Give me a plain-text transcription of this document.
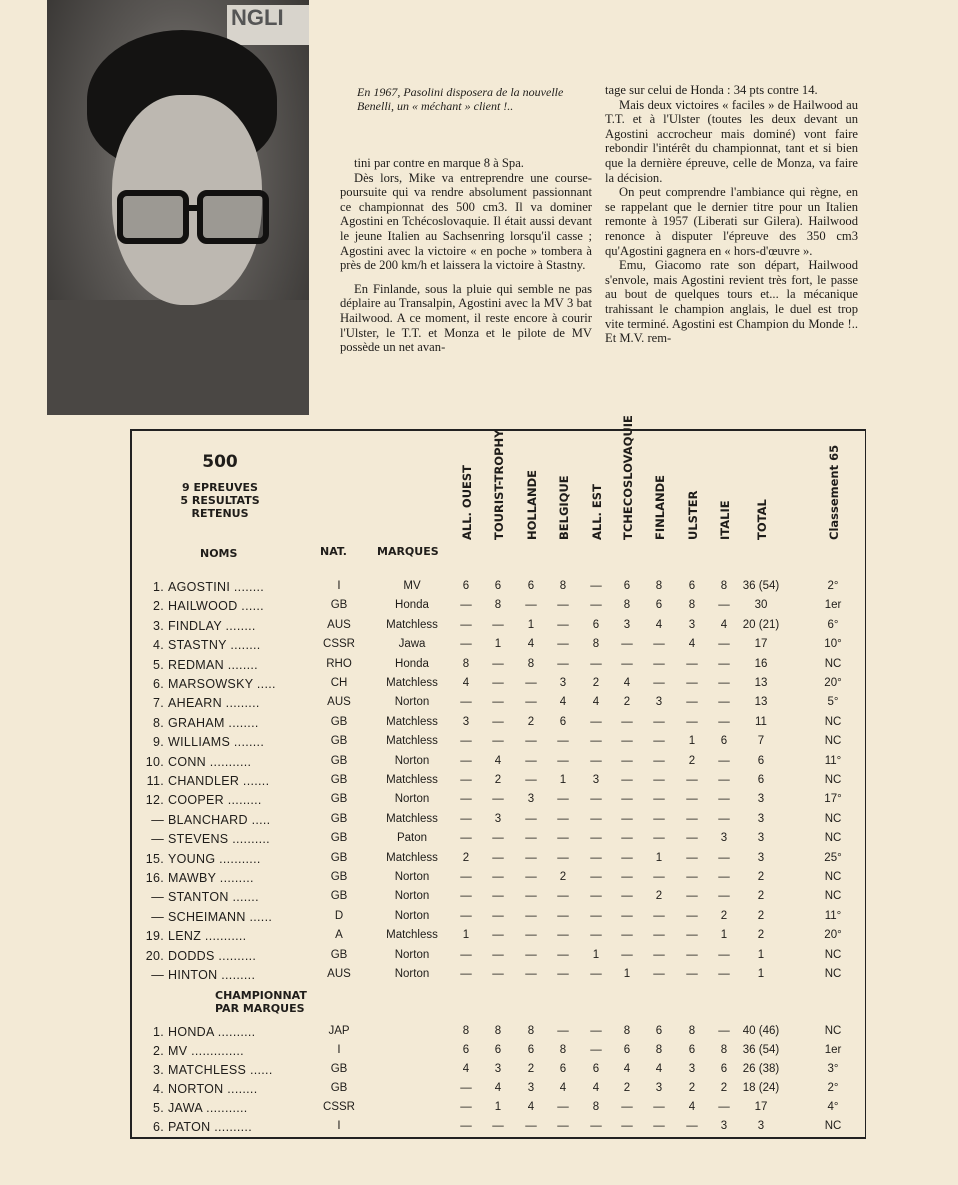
NGLI
En 1967, Pasolini disposera de la nouvelle Benelli, un « méchant » client !..

tini par contre en marque 8 à Spa.

Dès lors, Mike va entreprendre une course-poursuite qui va rendre absolument passionnant ce championnat des 500 cm3. Il va dominer Agostini en Tchécoslovaquie. Il était aussi devant le jeune Italien au Sachsenring lorsqu'il casse ; Agostini avec la victoire « en poche » tombera à près de 200 km/h et laissera la victoire à Stastny.

En Finlande, sous la pluie qui semble ne pas déplaire au Transalpin, Agostini avec la MV 3 bat Hailwood. A ce moment, il reste encore à courir l'Ulster, le T.T. et Monza et le pilote de MV possède un net avan-

tage sur celui de Honda : 34 pts contre 14.

Mais deux victoires « faciles » de Hailwood au T.T. et à l'Ulster (toutes les deux devant un Agostini accrocheur mais dominé) vont faire rebondir l'intérêt du championnat, tant et si bien que la dernière épreuve, celle de Monza, va faire la décision.

On peut comprendre l'ambiance qui règne, en se rappelant que le dernier titre pour un Italien remonte à 1957 (Liberati sur Gilera). Hailwood renonce à disputer l'épreuve des 350 cm3 qu'Agostini gagnera en « hors-d'œuvre ».

Emu, Giacomo rate son départ, Hailwood s'envole, mais Agostini revient très fort, le passe au bout de quelques tours et... la mécanique trahissant le champion anglais, le duel est trop vite terminé. Agostini est Champion du Monde !.. Et M.V. rem-

500
9 EPREUVES
5 RESULTATS
RETENUS
NOMS	NAT.	MARQUES
CHAMPIONNAT
PAR MARQUES
ALL. OUEST TOURIST-TROPHY HOLLANDE BELGIQUE ALL. EST TCHECOSLOVAQUIE FINLANDE ULSTER ITALIE TOTAL	Classement 65
1. AGOSTINI ........	I	MV	6	6	6	8	—	6	8	6	8	36 (54)	2°
2. HAILWOOD ......	GB	Honda	—	8	—	—	—	8	6	8	—	30	1er
3. FINDLAY ........	AUS	Matchless	—	—	1	—	6	3	4	3	4	20 (21)	6°
4. STASTNY ........	CSSR	Jawa	—	1	4	—	8	—	—	4	—	17	10°
5. REDMAN ........	RHO	Honda	8	—	8	—	—	—	—	—	—	16	NC
6. MARSOWSKY .....	CH	Matchless	4	—	—	3	2	4	—	—	—	13	20°
7. AHEARN .........	AUS	Norton	—	—	—	4	4	2	3	—	—	13	5°
8. GRAHAM ........	GB	Matchless	3	—	2	6	—	—	—	—	—	11	NC
9. WILLIAMS ........	GB	Matchless	—	—	—	—	—	—	—	1	6	7	NC
10. CONN ...........	GB	Norton	—	4	—	—	—	—	—	2	—	6	11°
11. CHANDLER .......	GB	Matchless	—	2	—	1	3	—	—	—	—	6	NC
12. COOPER .........	GB	Norton	—	—	3	—	—	—	—	—	—	3	17°
— BLANCHARD .....	GB	Matchless	—	3	—	—	—	—	—	—	—	3	NC
— STEVENS ..........	GB	Paton	—	—	—	—	—	—	—	—	3	3	NC
15. YOUNG ...........	GB	Matchless	2	—	—	—	—	—	1	—	—	3	25°
16. MAWBY .........	GB	Norton	—	—	—	2	—	—	—	—	—	2	NC
— STANTON .......	GB	Norton	—	—	—	—	—	—	2	—	—	2	NC
— SCHEIMANN ......	D	Norton	—	—	—	—	—	—	—	—	2	2	11°
19. LENZ ...........	A	Matchless	1	—	—	—	—	—	—	—	1	2	20°
20. DODDS ..........	GB	Norton	—	—	—	—	1	—	—	—	—	1	NC
— HINTON .........	AUS	Norton	—	—	—	—	—	1	—	—	—	1	NC
1. HONDA ..........	JAP	8	8	8	—	—	8	6	8	—	40 (46)	NC
2. MV ..............	I	6	6	6	8	—	6	8	6	8	36 (54)	1er
3. MATCHLESS ......	GB	4	3	2	6	6	4	4	3	6	26 (38)	3°
4. NORTON ........	GB	—	4	3	4	4	2	3	2	2	18 (24)	2°
5. JAWA ...........	CSSR	—	1	4	—	8	—	—	4	—	17	4°
6. PATON ..........	I	—	—	—	—	—	—	—	—	3	3	NC
